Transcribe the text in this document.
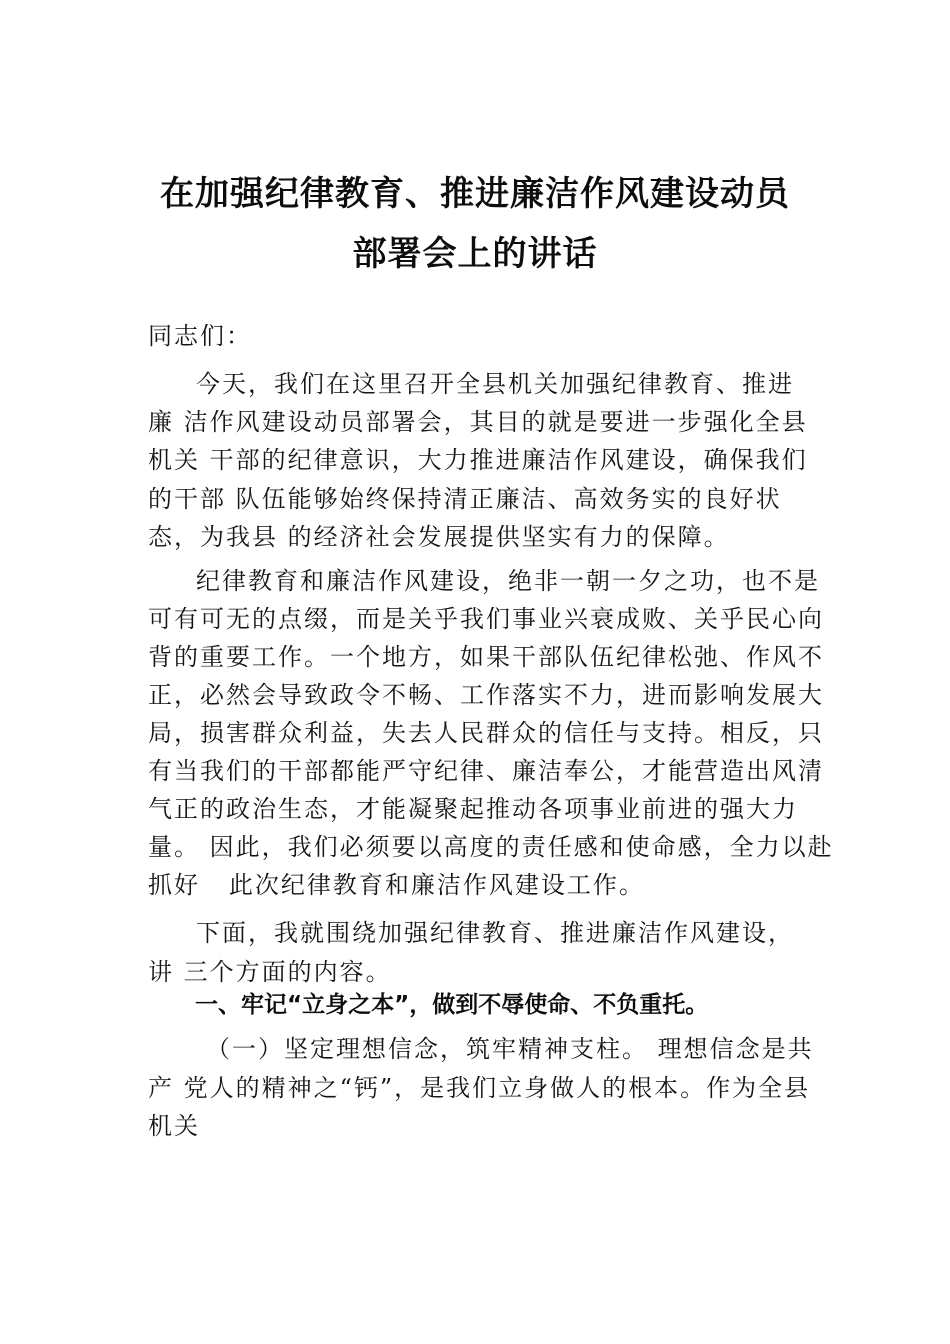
在加强纪律教育、推进廉洁作风建设动员
部署会上的讲话
同志们：
今天，我们在这里召开全县机关加强纪律教育、推进
廉 洁作风建设动员部署会，其目的就是要进一步强化全县
机关 干部的纪律意识，大力推进廉洁作风建设，确保我们
的干部 队伍能够始终保持清正廉洁、高效务实的良好状
态，为我县 的经济社会发展提供坚实有力的保障。
纪律教育和廉洁作风建设，绝非一朝一夕之功，也不是
可有可无的点缀，而是关乎我们事业兴衰成败、关乎民心向
背的重要工作。一个地方，如果干部队伍纪律松弛、作风不
正，必然会导致政令不畅、工作落实不力，进而影响发展大
局，损害群众利益，失去人民群众的信任与支持。相反，只
有当我们的干部都能严守纪律、廉洁奉公，才能营造出风清
气正的政治生态，才能凝聚起推动各项事业前进的强大力
量。 因此，我们必须要以高度的责任感和使命感，全力以赴
抓好   此次纪律教育和廉洁作风建设工作。
下面，我就围绕加强纪律教育、推进廉洁作风建设，
讲 三个方面的内容。
一、牢记“立身之本”，做到不辱使命、不负重托。
（一）坚定理想信念，筑牢精神支柱。 理想信念是共
产 党人的精神之“钙”，是我们立身做人的根本。作为全县
机关
